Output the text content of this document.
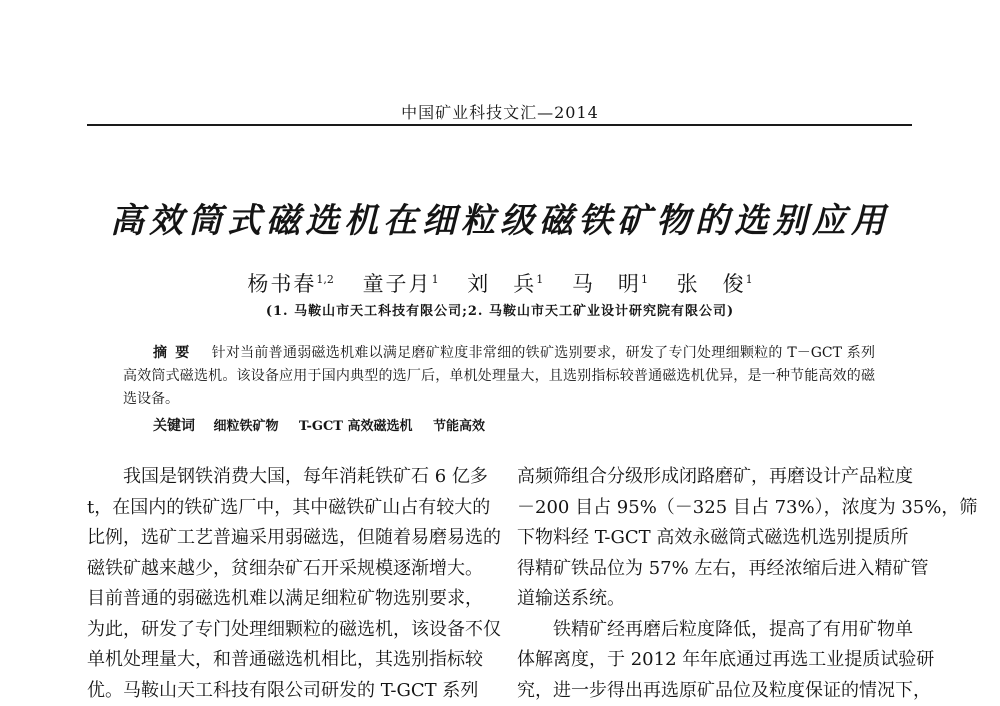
中国矿业科技文汇—2014
高效筒式磁选机在细粒级磁铁矿物的选别应用
杨书春$^{1,2}$ 童子月$^1$ 刘　兵$^1$ 马　明$^1$ 张　俊$^1$
(1. 马鞍山市天工科技有限公司;2. 马鞍山市天工矿业设计研究院有限公司)
摘要 针对当前普通弱磁选机难以满足磨矿粒度非常细的铁矿选别要求，研发了专门处理细颗粒的 T－GCT 系列高效筒式磁选机。该设备应用于国内典型的选厂后，单机处理量大，且选别指标较普通磁选机优异，是一种节能高效的磁选设备。
关键词 细粒铁矿物 T-GCT 高效磁选机 节能高效
　　我国是钢铁消费大国，每年消耗铁矿石 6 亿多
t，在国内的铁矿选厂中，其中磁铁矿山占有较大的
比例，选矿工艺普遍采用弱磁选，但随着易磨易选的
磁铁矿越来越少，贫细杂矿石开采规模逐渐增大。
目前普通的弱磁选机难以满足细粒矿物选别要求，
为此，研发了专门处理细颗粒的磁选机，该设备不仅
单机处理量大，和普通磁选机相比，其选别指标较
优。马鞍山天工科技有限公司研发的 T-GCT 系列
高频筛组合分级形成闭路磨矿，再磨设计产品粒度
－200 目占 95%（－325 目占 73%），浓度为 35%，筛
下物料经 T-GCT 高效永磁筒式磁选机选别提质所
得精矿铁品位为 57% 左右，再经浓缩后进入精矿管
道输送系统。
　　铁精矿经再磨后粒度降低，提高了有用矿物单
体解离度，于 2012 年年底通过再选工业提质试验研
究，进一步得出再选原矿品位及粒度保证的情况下，
